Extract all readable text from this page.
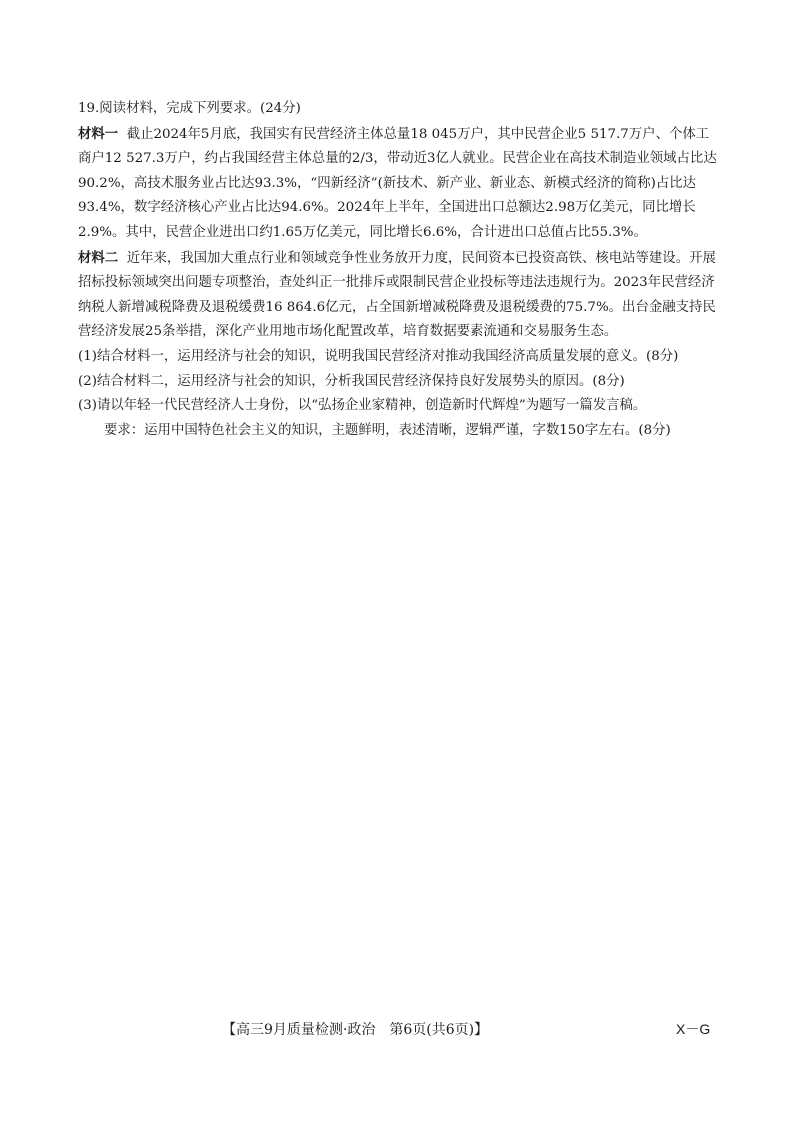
19.阅读材料，完成下列要求。(24分)

材料一 截止2024年5月底，我国实有民营经济主体总量18 045万户，其中民营企业5 517.7万户、个体工商户12 527.3万户，约占我国经营主体总量的2/3，带动近3亿人就业。民营企业在高技术制造业领域占比达90.2%，高技术服务业占比达93.3%，“四新经济”(新技术、新产业、新业态、新模式经济的简称)占比达93.4%，数字经济核心产业占比达94.6%。2024年上半年，全国进出口总额达2.98万亿美元，同比增长2.9%。其中，民营企业进出口约1.65万亿美元，同比增长6.6%，合计进出口总值占比55.3%。

材料二 近年来，我国加大重点行业和领域竞争性业务放开力度，民间资本已投资高铁、核电站等建设。开展招标投标领域突出问题专项整治，查处纠正一批排斥或限制民营企业投标等违法违规行为。2023年民营经济纳税人新增减税降费及退税缓费16 864.6亿元，占全国新增减税降费及退税缓费的75.7%。出台金融支持民营经济发展25条举措，深化产业用地市场化配置改革，培育数据要素流通和交易服务生态。

(1)结合材料一，运用经济与社会的知识，说明我国民营经济对推动我国经济高质量发展的意义。(8分)

(2)结合材料二，运用经济与社会的知识，分析我国民营经济保持良好发展势头的原因。(8分)

(3)请以年轻一代民营经济人士身份，以“弘扬企业家精神，创造新时代辉煌”为题写一篇发言稿。

要求：运用中国特色社会主义的知识，主题鲜明，表述清晰，逻辑严谨，字数150字左右。(8分)

【高三9月质量检测·政治　第6页(共6页)】	X－G
